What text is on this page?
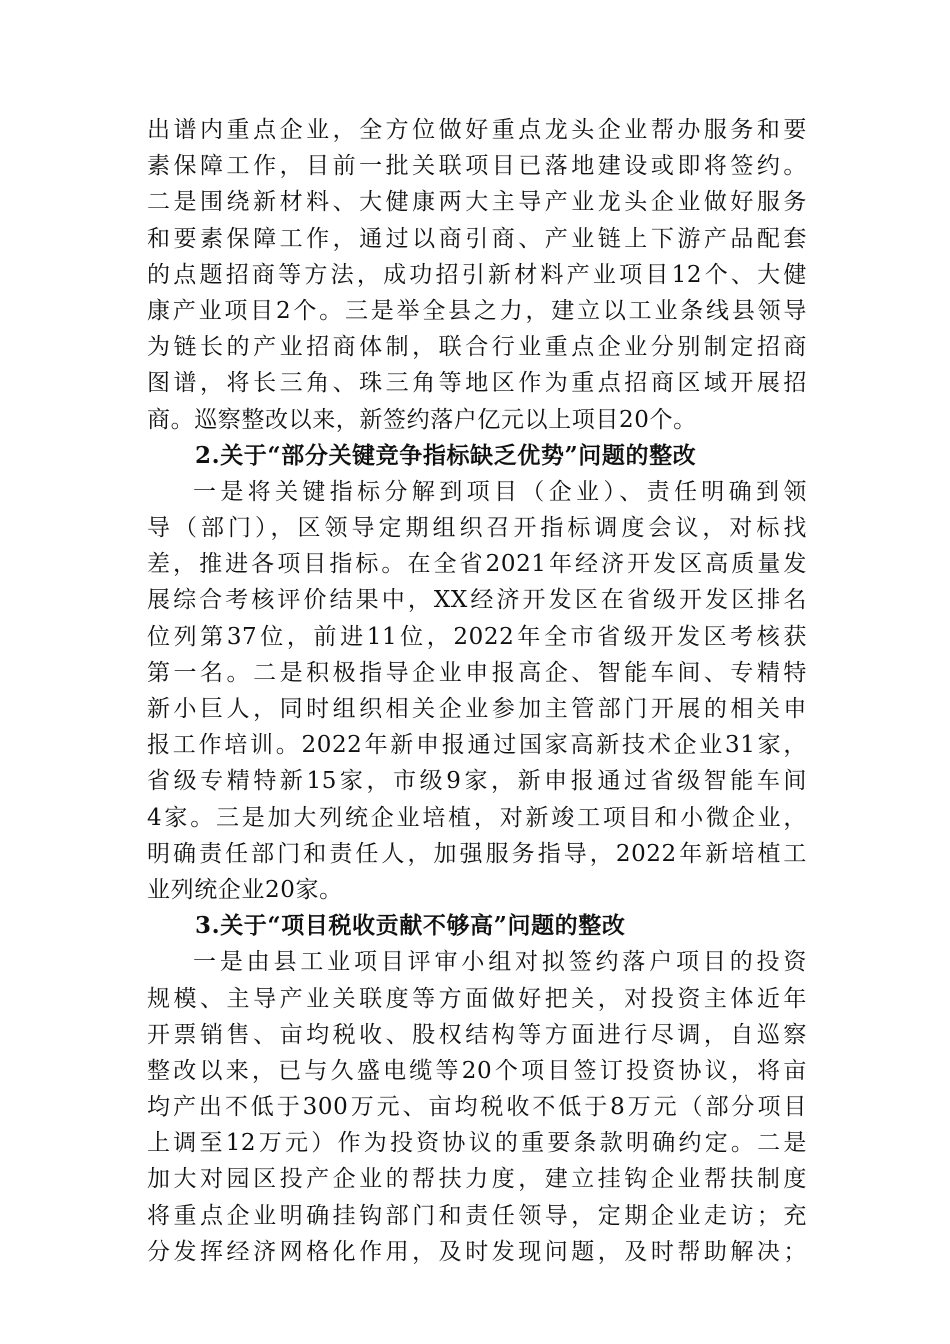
出谱内重点企业，全方位做好重点龙头企业帮办服务和要
素保障工作，目前一批关联项目已落地建设或即将签约。
二是围绕新材料、大健康两大主导产业龙头企业做好服务
和要素保障工作，通过以商引商、产业链上下游产品配套
的点题招商等方法，成功招引新材料产业项目12个、大健
康产业项目2个。三是举全县之力，建立以工业条线县领导
为链长的产业招商体制，联合行业重点企业分别制定招商
图谱，将长三角、珠三角等地区作为重点招商区域开展招
商。巡察整改以来，新签约落户亿元以上项目20个。
2.关于“部分关键竞争指标缺乏优势”问题的整改
一是将关键指标分解到项目（企业）、责任明确到领
导（部门），区领导定期组织召开指标调度会议，对标找
差，推进各项目指标。在全省2021年经济开发区高质量发
展综合考核评价结果中，XX经济开发区在省级开发区排名
位列第37位，前进11位，2022年全市省级开发区考核获
第一名。二是积极指导企业申报高企、智能车间、专精特
新小巨人，同时组织相关企业参加主管部门开展的相关申
报工作培训。2022年新申报通过国家高新技术企业31家，
省级专精特新15家，市级9家，新申报通过省级智能车间
4家。三是加大列统企业培植，对新竣工项目和小微企业，
明确责任部门和责任人，加强服务指导，2022年新培植工
业列统企业20家。
3.关于“项目税收贡献不够高”问题的整改
一是由县工业项目评审小组对拟签约落户项目的投资
规模、主导产业关联度等方面做好把关，对投资主体近年
开票销售、亩均税收、股权结构等方面进行尽调，自巡察
整改以来，已与久盛电缆等20个项目签订投资协议，将亩
均产出不低于300万元、亩均税收不低于8万元（部分项目
上调至12万元）作为投资协议的重要条款明确约定。二是
加大对园区投产企业的帮扶力度，建立挂钩企业帮扶制度
将重点企业明确挂钩部门和责任领导，定期企业走访；充
分发挥经济网格化作用，及时发现问题，及时帮助解决；
